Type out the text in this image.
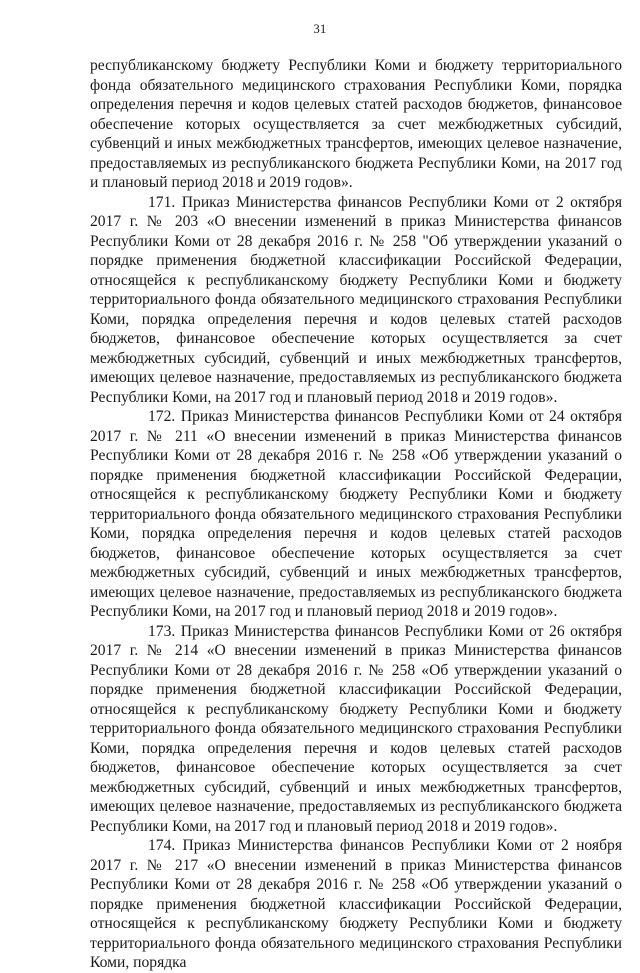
31

республиканскому бюджету Республики Коми и бюджету территориального фонда обязательного медицинского страхования Республики Коми, порядка определения перечня и кодов целевых статей расходов бюджетов, финансовое обеспечение которых осуществляется за счет межбюджетных субсидий, субвенций и иных межбюджетных трансфертов, имеющих целевое назначение, предоставляемых из республиканского бюджета Республики Коми, на 2017 год и плановый период 2018 и 2019 годов».

171. Приказ Министерства финансов Республики Коми от 2 октября 2017 г. № 203 «О внесении изменений в приказ Министерства финансов Республики Коми от 28 декабря 2016 г. № 258 "Об утверждении указаний о порядке применения бюджетной классификации Российской Федерации, относящейся к республиканскому бюджету Республики Коми и бюджету территориального фонда обязательного медицинского страхования Республики Коми, порядка определения перечня и кодов целевых статей расходов бюджетов, финансовое обеспечение которых осуществляется за счет межбюджетных субсидий, субвенций и иных межбюджетных трансфертов, имеющих целевое назначение, предоставляемых из республиканского бюджета Республики Коми, на 2017 год и плановый период 2018 и 2019 годов».

172. Приказ Министерства финансов Республики Коми от 24 октября 2017 г. № 211 «О внесении изменений в приказ Министерства финансов Республики Коми от 28 декабря 2016 г. № 258 «Об утверждении указаний о порядке применения бюджетной классификации Российской Федерации, относящейся к республиканскому бюджету Республики Коми и бюджету территориального фонда обязательного медицинского страхования Республики Коми, порядка определения перечня и кодов целевых статей расходов бюджетов, финансовое обеспечение которых осуществляется за счет межбюджетных субсидий, субвенций и иных межбюджетных трансфертов, имеющих целевое назначение, предоставляемых из республиканского бюджета Республики Коми, на 2017 год и плановый период 2018 и 2019 годов».

173. Приказ Министерства финансов Республики Коми от 26 октября 2017 г. № 214 «О внесении изменений в приказ Министерства финансов Республики Коми от 28 декабря 2016 г. № 258 «Об утверждении указаний о порядке применения бюджетной классификации Российской Федерации, относящейся к республиканскому бюджету Республики Коми и бюджету территориального фонда обязательного медицинского страхования Республики Коми, порядка определения перечня и кодов целевых статей расходов бюджетов, финансовое обеспечение которых осуществляется за счет межбюджетных субсидий, субвенций и иных межбюджетных трансфертов, имеющих целевое назначение, предоставляемых из республиканского бюджета Республики Коми, на 2017 год и плановый период 2018 и 2019 годов».

174. Приказ Министерства финансов Республики Коми от 2 ноября 2017 г. № 217 «О внесении изменений в приказ Министерства финансов Республики Коми от 28 декабря 2016 г. № 258 «Об утверждении указаний о порядке применения бюджетной классификации Российской Федерации, относящейся к республиканскому бюджету Республики Коми и бюджету территориального фонда обязательного медицинского страхования Республики Коми, порядка
